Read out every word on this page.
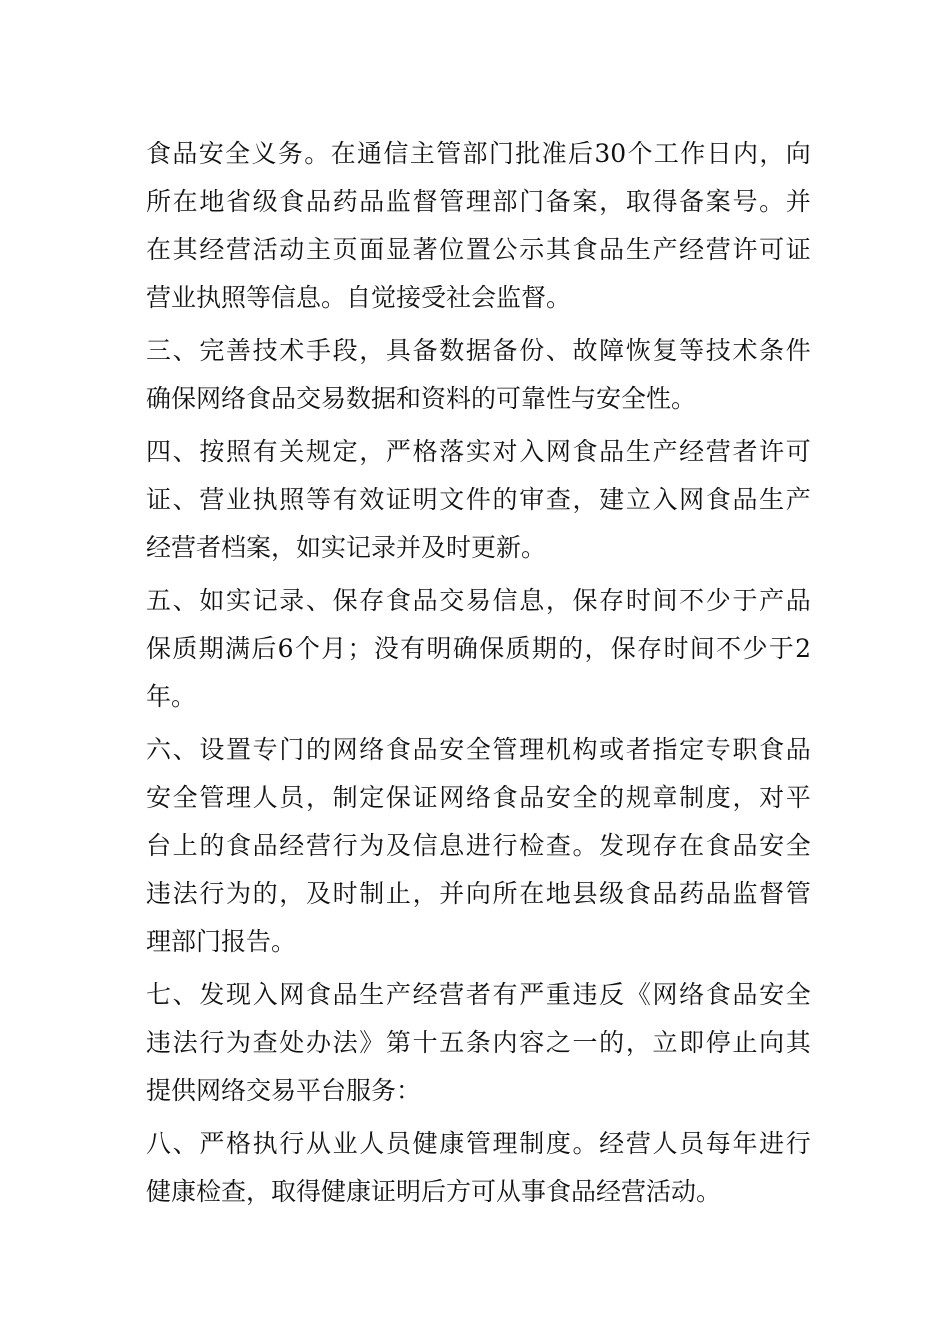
食 品 安 全 义 务 。 在 通 信 主 管 部 门 批 准 后 30 个 工 作 日 内 ， 向
所 在 地 省 级 食 品 药 品 监 督 管 理 部 门 备 案 ， 取 得 备 案 号 。 并
在 其 经 营 活 动 主 页 面 显 著 位 置 公 示 其 食 品 生 产 经 营 许 可 证
营业执照等信息。自觉接受社会监督。
三 、 完 善 技 术 手 段 ， 具 备 数 据 备 份 、 故 障 恢 复 等 技 术 条 件
确保网络食品交易数据和资料的可靠性与安全性。
四 、 按 照 有 关 规 定 ， 严 格 落 实 对 入 网 食 品 生 产 经 营 者 许 可
证 、 营 业 执 照 等 有 效 证 明 文 件 的 审 查 ， 建 立 入 网 食 品 生 产
经营者档案，如实记录并及时更新。
五 、 如 实 记 录 、 保 存 食 品 交 易 信 息 ， 保 存 时 间 不 少 于 产 品
保 质 期 满 后 6 个 月 ； 没 有 明 确 保 质 期 的 ， 保 存 时 间 不 少 于 2
年。
六 、 设 置 专 门 的 网 络 食 品 安 全 管 理 机 构 或 者 指 定 专 职 食 品
安 全 管 理 人 员 ， 制 定 保 证 网 络 食 品 安 全 的 规 章 制 度 ， 对 平
台 上 的 食 品 经 营 行 为 及 信 息 进 行 检 查 。 发 现 存 在 食 品 安 全
违 法 行 为 的 ， 及 时 制 止 ， 并 向 所 在 地 县 级 食 品 药 品 监 督 管
理部门报告。
七 、 发 现 入 网 食 品 生 产 经 营 者 有 严 重 违 反 《 网 络 食 品 安 全
违 法 行 为 查 处 办 法 》 第 十 五 条 内 容 之 一 的 ， 立 即 停 止 向 其
提供网络交易平台服务：
八 、 严 格 执 行 从 业 人 员 健 康 管 理 制 度 。 经 营 人 员 每 年 进 行
健康检查，取得健康证明后方可从事食品经营活动。
